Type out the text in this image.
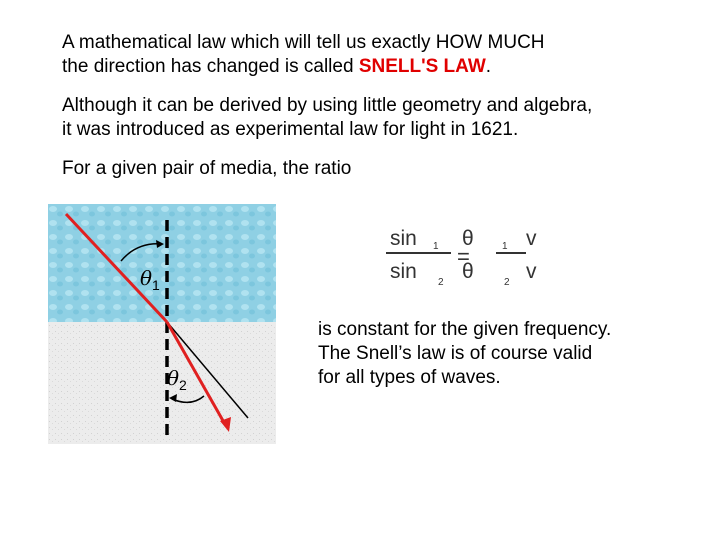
A mathematical law which will tell us exactly HOW MUCH
the direction has changed is called SNELL'S LAW.
Although it can be derived by using little geometry and algebra,
it was introduced as experimental law for light in 1621.
For a given pair of media, the ratio
θ 1
θ 2
sin 1 θ	1 v
=
sin 2 θ	2 v
is constant for the given frequency.
The Snell’s law is of course valid
for all types of waves.
